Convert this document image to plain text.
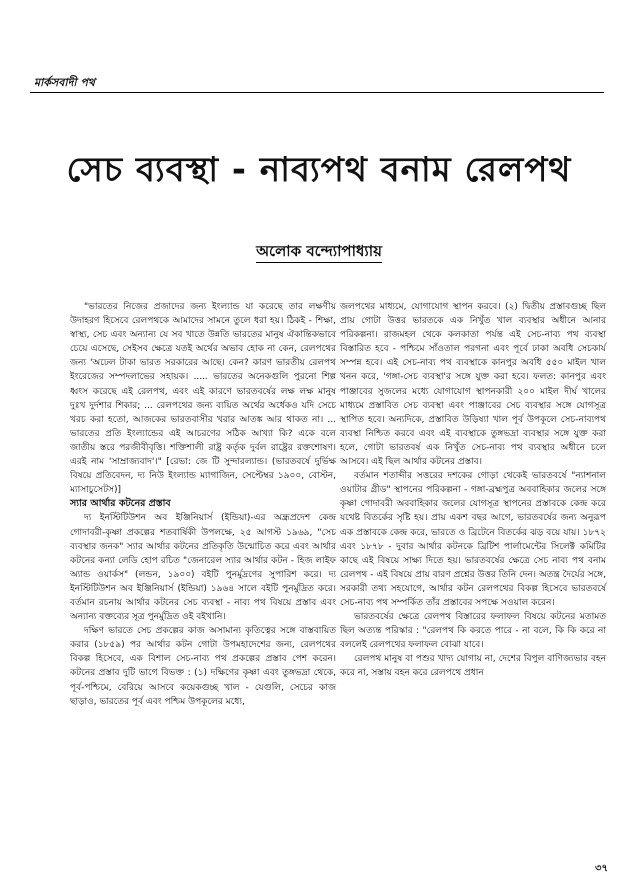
মার্কসবাদী পথ
সেচ ব্যবস্থা - নাব্যপথ বনাম রেলপথ
অলোক বন্দ্যোপাধ্যায়

"ভারতের নিজের প্রজাদের জন্য ইংল্যান্ড যা করেছে তার লক্ষণীয় উদাহরণ হিসেবে রেলপথকে আমাদের সামনে তুলে ধরা হয়। ঠিকই - শিক্ষা, স্বাস্থ্য, সেচ এবং অন্যান্য যে সব খাতে উন্নতি ভারতের মানুষ ঐকান্তিকভাবে চেয়ে এসেছে, সেইসব ক্ষেত্রে যতই অর্থের অভাব হোক না কেন, রেলপথের জন্য 'অঢেল টাকা ভারত সরকারের আছে। কেন? কারণ ভারতীয় রেলপথ ইংরেজের সম্পদলাভের সহায়ক। ..... ভারতের অনেকগুলি পুরনো শিল্প ধ্বংস করেছে এই রেলপথ, এবং এই কারণে ভারতবর্ষের লক্ষ লক্ষ মানুষ দুঃখ দুর্দশার শিকার; ... রেলপথের জন্য ব্যয়িত অর্থের অর্ধেকও যদি সেচে খরচ করা হতো, আজকের ভারতবাসীর খরার আতঙ্ক আর থাকত না। ... ভারতের প্রতি ইংল্যান্ডের এই আচরণের সঠিক আখ্যা কি? একে বলে জাতীয় স্তরে পরজীবীবৃত্তি। শক্তিশালী রাষ্ট্র কর্তৃক দুর্বল রাষ্ট্রের রক্তশোষণ। এরই নাম 'সাম্রাজ্যবাদ'।" [রেভা: জে টি সুন্দারল্যান্ড। (ভারতবর্ষে দুর্ভিক্ষ বিষয়ে প্রতিবেদন, দ্য নিউ ইংল্যান্ড ম্যাগাজিন, সেপ্টেম্বর ১৯০০, বোস্টন, ম্যাসাচুসেটস)]

স্যার আর্থার কটনের প্রস্তাব

দ্য ইনস্টিটিউশন অব ইঞ্জিনিয়ার্স (ইন্ডিয়া)-এর অন্ধ্রপ্রদেশ কেন্দ্র গোদাবরী-কৃষ্ণা প্রকল্পের শতবার্ষিকী উপলক্ষে, ২৫ আগস্ট ১৯৬৯, "সেচ ব্যবস্থার জনক" স্যার আর্থার কটনের প্রতিকৃতি উন্মোচিত করে এবং আর্থার কটনের কন্যা লেডি হোপ রচিত "জেনারেল স্যার আর্থার কটন - হিজ লাইফ অ্যান্ড ওয়ার্কস" (লন্ডন, ১৯০০) বইটি পুনর্মুদ্রণের সুপারিশ করে। দ্য ইনস্টিটিউশন অব ইঞ্জিনিয়ার্স (ইন্ডিয়া) ১৯৬৪ সালে বইটি পুনর্মুদ্রিত করে। বর্তমান রচনায় আর্থার কটনের সেচ ব্যবস্থা - নাব্য পথ বিষয়ে প্রস্তাব এবং অন্যান্য বক্তব্যের সূত্র পুনর্মুদ্রিত ওই বইখানি।

দক্ষিণ ভারতে সেচ প্রকল্পের কাজ অসামান্য কৃতিত্বের সঙ্গে বাস্তবায়িত করার (১৮৫৯) পর আর্থার কটন গোটা উপমহাদেশের জন্য, রেলপথের বিকল্প হিসেবে, এক বিশাল সেচ-নাব্য পথ প্রকল্পের প্রস্তাব পেশ করেন। কটনের প্রস্তাব দুটি ভাগে বিভক্ত : (১) দক্ষিণের কৃষ্ণা এবং তুঙ্গভদ্রা থেকে, পূর্ব-পশ্চিমে, বেরিয়ে আসবে কয়েকগুচ্ছ খাল - যেগুলি, সেচের কাজ ছাড়াও, ভারতের পূর্ব এবং পশ্চিম উপকূলের মধ্যে,

জলপথের মাধ্যমে, যোগাযোগ স্থাপন করবে। (২) দ্বিতীয় প্রস্তাবগুচ্ছ ছিল প্রায় গোটা উত্তর ভারতকে এক নিখুঁত খাল ব্যবস্থার অধীনে আনার পরিকল্পনা। রাজমহল থেকে কলকাতা পর্যন্ত এই সেচ-নাব্য পথ ব্যবস্থা বিস্তারিত হবে - পশ্চিমে সাঁওতাল পরগনা এবং পূর্বে ঢাকা অবধি সেচকার্য সম্পন্ন হবে। এই সেচ-নাব্য পথ ব্যবস্থাকে কানপুর অবধি ৫৫০ মাইল খাল খনন করে, 'গঙ্গা-সেচ ব্যবস্থা'র সঙ্গে যুক্ত করা হবে। ফলত: কানপুর এবং পাঞ্জাবের সুজলের মধ্যে যোগাযোগ স্থাপনকারী ২০০ মাইল দীর্ঘ খালের মাধ্যমে প্রস্তাবিত সেচ ব্যবস্থা এবং পাঞ্জাবের সেচ ব্যবস্থার সঙ্গে যোগসূত্র স্থাপিত হবে। অন্যদিকে, প্রস্তাবিত উড়িষ্যা খাল পূর্ব উপকূলে সেচ-নাব্যপথ ব্যবস্থা নিশ্চিত করবে এবং এই ব্যবস্থাকে তুঙ্গভদ্রা ব্যবস্থার সঙ্গে যুক্ত করা হলে, গোটা ভারতবর্ষ এক নিখুঁত সেচ-নাব্য পথ ব্যবস্থার অধীনে চলে আসবে। এই ছিল আর্থার কটনের প্রস্তাব।

বর্তমান শতাব্দীর সত্তরের দশকের গোড়া থেকেই ভারতবর্ষে "ন্যাশনাল ওয়াটার গ্রীড" স্থাপনের পরিকল্পনা - গঙ্গা-ব্রহ্মপুত্র অববাহিকার জলের সঙ্গে কৃষ্ণা গোদাবরী অববাহিকার জলের যোগসূত্র স্থাপনের প্রস্তাবকে কেন্দ্র করে যথেষ্ট বিতর্কের সৃষ্টি হয়। প্রায় একশ বছর আগে, ভারতবর্ষের জন্য অনুরূপ এক প্রস্তাবকে কেন্দ্র করে, ভারতে ও ব্রিটেনে বিতর্কের ঝড় বয়ে যায়। ১৮৭২ এবং ১৮৭৮ - দুবার আর্থার কটনকে ব্রিটিশ পার্লামেন্টের সিলেক্ট কমিটির কাছে এই বিষয়ে সাক্ষ্য দিতে হয়। ভারতবর্ষের ক্ষেত্রে সেচ নাব্য পথ বনাম রেলপথ - এই বিষয়ে প্রায় বারণ প্রশ্নের উত্তর তিনি দেন। অতন্ত্র দৈর্যের সঙ্গে, সরকারী তথ্য সহযোগে, আর্থার কটন রেলপথের বিকল্প হিসেবে ভারতবর্ষে সেচ-নাব্য পথ সম্পর্কিত তাঁর প্রস্তাবের সপক্ষে সওয়াল করেন।

ভারতবর্ষের ক্ষেত্রে রেলপথ বিস্তারের ফলাফল বিষয়ে কটনের মতামত ছিল অত্যন্ত পরিস্কার : "রেলপথ কি করতে পারে - না বলে, কি কি করে না বললেই রেলপথের ফলাফল বোঝা যাবে।

রেলপথ মানুষ বা পশুর খাদ্য যোগায় না, দেশের বিপুল বাণিজ্যভার বহন করে না, সস্তায় বহন করে রেলপথে প্রধান

৩৭
